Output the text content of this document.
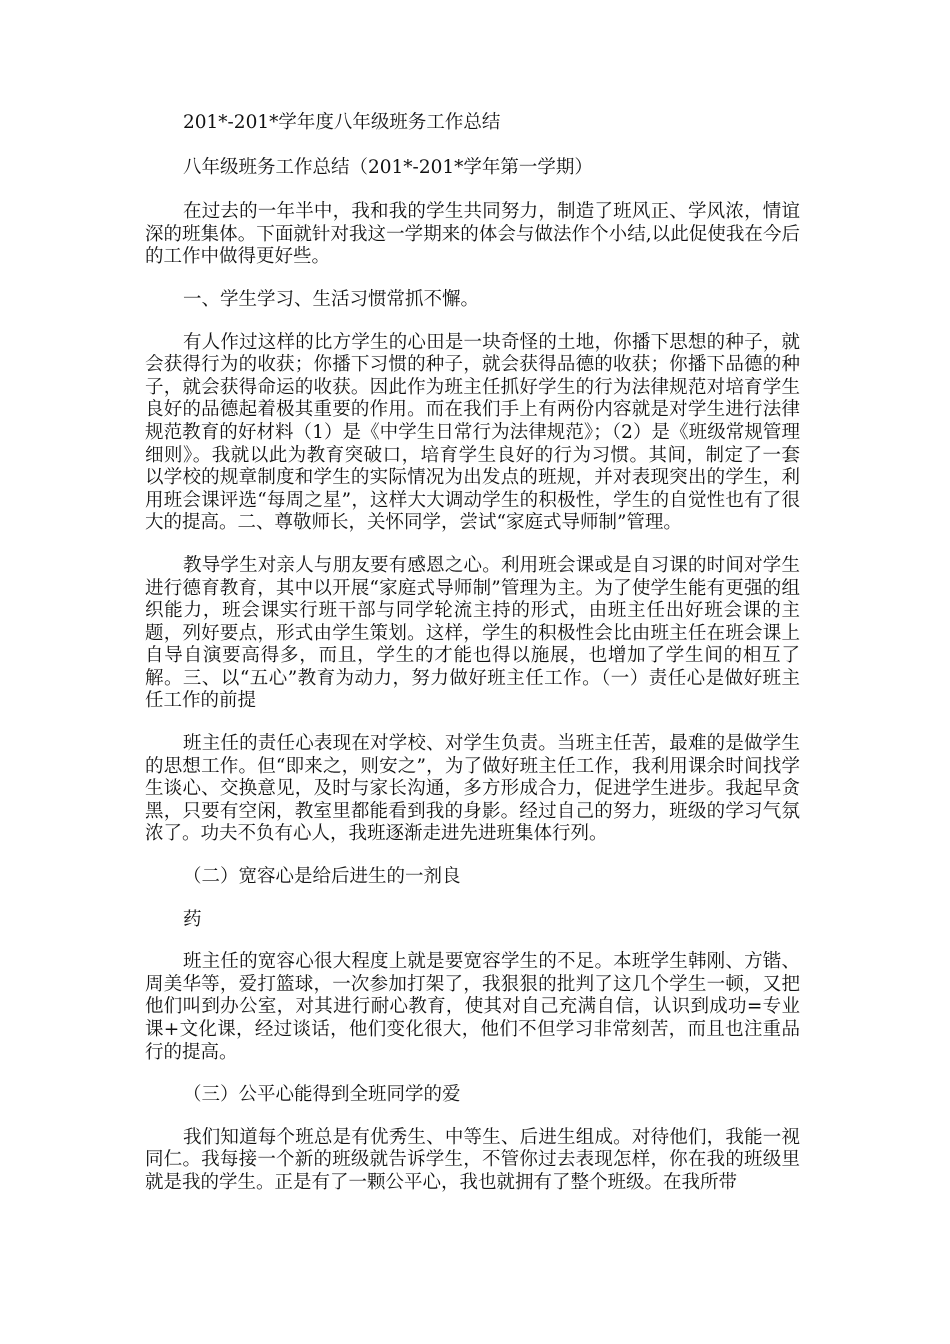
201*-201*学年度八年级班务工作总结

八年级班务工作总结（201*-201*学年第一学期）

在过去的一年半中，我和我的学生共同努力，制造了班风正、学风浓，情谊深的班集体。下面就针对我这一学期来的体会与做法作个小结,以此促使我在今后的工作中做得更好些。

一、学生学习、生活习惯常抓不懈。

有人作过这样的比方学生的心田是一块奇怪的土地，你播下思想的种子，就会获得行为的收获；你播下习惯的种子，就会获得品德的收获；你播下品德的种子，就会获得命运的收获。因此作为班主任抓好学生的行为法律规范对培育学生良好的品德起着极其重要的作用。而在我们手上有两份内容就是对学生进行法律规范教育的好材料（1）是《中学生日常行为法律规范》；（2）是《班级常规管理细则》。我就以此为教育突破口，培育学生良好的行为习惯。其间，制定了一套以学校的规章制度和学生的实际情况为出发点的班规，并对表现突出的学生，利用班会课评选“每周之星”，这样大大调动学生的积极性，学生的自觉性也有了很大的提高。二、尊敬师长，关怀同学，尝试“家庭式导师制”管理。

教导学生对亲人与朋友要有感恩之心。利用班会课或是自习课的时间对学生进行德育教育，其中以开展“家庭式导师制”管理为主。为了使学生能有更强的组织能力，班会课实行班干部与同学轮流主持的形式，由班主任出好班会课的主题，列好要点，形式由学生策划。这样，学生的积极性会比由班主任在班会课上自导自演要高得多，而且，学生的才能也得以施展，也增加了学生间的相互了解。三、以“五心”教育为动力，努力做好班主任工作。（一）责任心是做好班主任工作的前提

班主任的责任心表现在对学校、对学生负责。当班主任苦，最难的是做学生的思想工作。但“即来之，则安之”，为了做好班主任工作，我利用课余时间找学生谈心、交换意见，及时与家长沟通，多方形成合力，促进学生进步。我起早贪黑，只要有空闲，教室里都能看到我的身影。经过自己的努力，班级的学习气氛浓了。功夫不负有心人，我班逐渐走进先进班集体行列。

（二）宽容心是给后进生的一剂良

药

班主任的宽容心很大程度上就是要宽容学生的不足。本班学生韩刚、方锴、周美华等，爱打篮球，一次参加打架了，我狠狠的批判了这几个学生一顿，又把他们叫到办公室，对其进行耐心教育，使其对自己充满自信，认识到成功=专业课+文化课，经过谈话，他们变化很大，他们不但学习非常刻苦，而且也注重品行的提高。

（三）公平心能得到全班同学的爱

我们知道每个班总是有优秀生、中等生、后进生组成。对待他们，我能一视同仁。我每接一个新的班级就告诉学生，不管你过去表现怎样，你在我的班级里就是我的学生。正是有了一颗公平心，我也就拥有了整个班级。在我所带
